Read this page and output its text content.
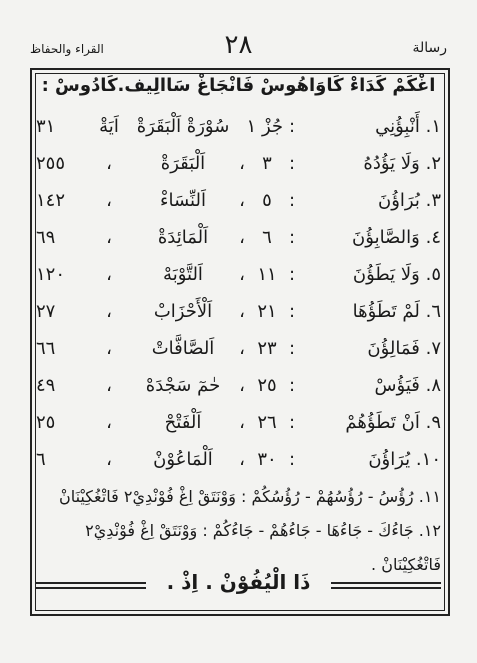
القراء والحفاظ	٢٨	رسالة
اغْكَمْ كَدَاءْ كَاوَاهُوسْ فَانْجَاغْ سَاالِيف.كَادُوسْ :
١. أَنْبِؤُنِي
:
جُزْ ١
سُوْرَةْ اَلْبَقَرَةْ
اَيَةْ
٣١
٢. وَلَا يَؤُدُهُ
:
٣
،
اَلْبَقَرَةْ
،
٢٥٥
٣. بُرَاؤُنَ
:
٥
،
اَلنِّسَاءْ
،
١٤٢
٤. وَالصَّابِؤُنَ
:
٦
،
اَلْمَائِدَةْ
،
٦٩
٥. وَلَا يَطَؤُنَ
:
١١
،
اَلتَّوْبَهْ
،
١٢٠
٦. لَمْ تَطَؤُهَا
:
٢١
،
اَلْأَحْزَابْ
،
٢٧
٧. فَمَالِؤُنَ
:
٢٣
،
اَلصَّافَّاتْ
،
٦٦
٨. فَيَؤُسْ
:
٢٥
،
حٰمٓ سَجْدَهْ
،
٤٩
٩. اَنْ تَطَؤُهُمْ
:
٢٦
،
اَلْفَتْحْ
،
٢٥
١٠. يُرَاؤُنَ
:
٣٠
،
اَلْمَاعُوْنْ
،
٦
١١. رُؤُسُ - رُؤُسُهُمْ - رُؤُسُكُمْ : وَوْنَتَقْ اِغْ فُوْنْدِيْ٢ فَاتْغُكِيْنَانْ
١٢. جَاءُكَ - جَاءُهَا - جَاءُهُمْ - جَاءُكُمْ : وَوْنَتَقْ اِغْ فُوْنْدِيْ٢
فَاتْغُكِيْنَانْ .
ذَا الْيُفُوْنْ . اِذْ .
